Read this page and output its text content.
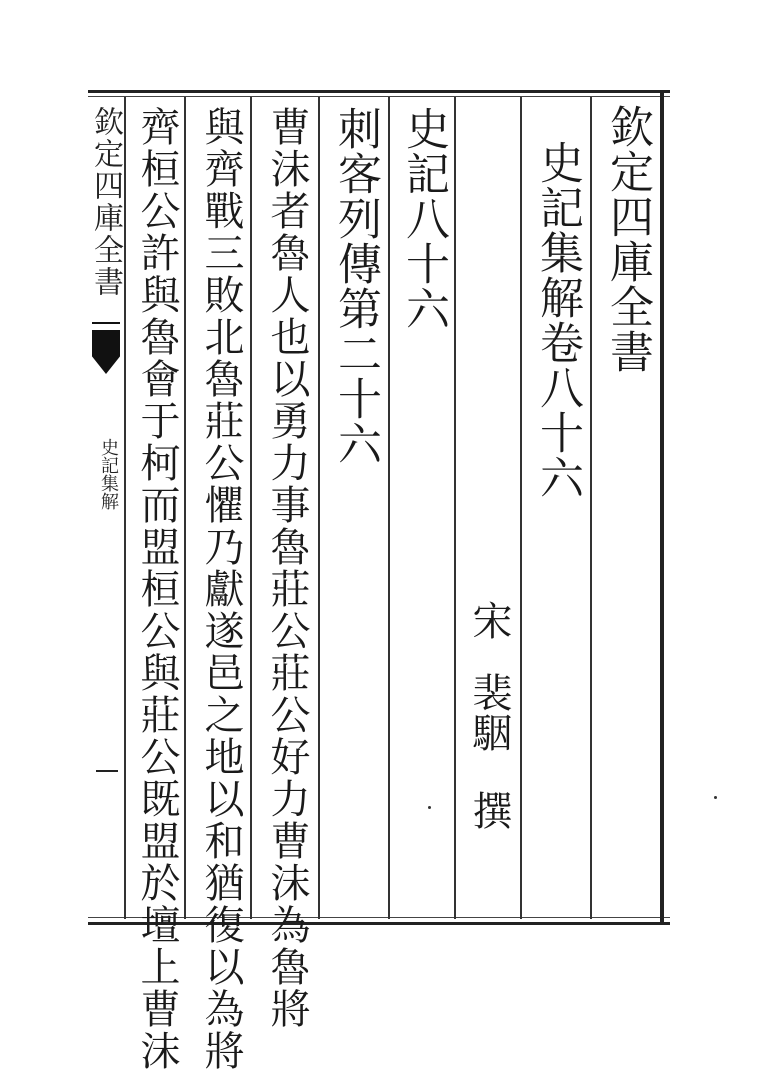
欽定四庫全書
史記集解卷八十六
宋
裴駰
撰
史記八十六
刺客列傳第二十六
曹沫者魯人也以勇力事魯莊公莊公好力曹沫為魯將
與齊戰三敗北魯莊公懼乃獻遂邑之地以和猶復以為將
齊桓公許與魯會于柯而盟桓公與莊公既盟於壇上曹沫
欽定四庫全書
史記集解
